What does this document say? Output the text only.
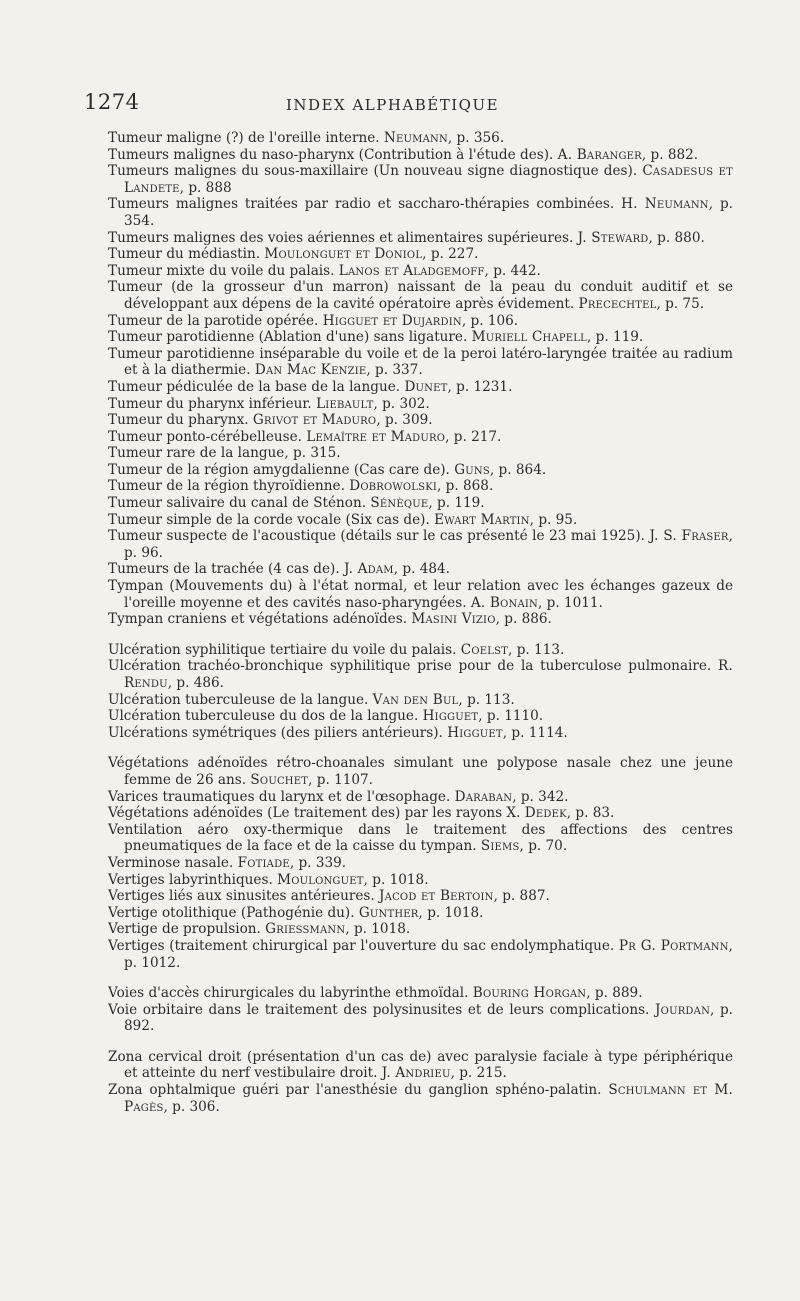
1274	INDEX ALPHABÉTIQUE

Tumeur maligne (?) de l'oreille interne. Neumann, p. 356.

Tumeurs malignes du naso-pharynx (Contribution à l'étude des). A. Baranger, p. 882.

Tumeurs malignes du sous-maxillaire (Un nouveau signe diagnostique des). Casadesus et Landete, p. 888

Tumeurs malignes traitées par radio et saccharo-thérapies combinées. H. Neumann, p. 354.

Tumeurs malignes des voies aériennes et alimentaires supérieures. J. Steward, p. 880.

Tumeur du médiastin. Moulonguet et Doniol, p. 227.

Tumeur mixte du voile du palais. Lanos et Aladgemoff, p. 442.

Tumeur (de la grosseur d'un marron) naissant de la peau du conduit auditif et se développant aux dépens de la cavité opératoire après évidement. Precechtel, p. 75.

Tumeur de la parotide opérée. Higguet et Dujardin, p. 106.

Tumeur parotidienne (Ablation d'une) sans ligature. Muriell Chapell, p. 119.

Tumeur parotidienne inséparable du voile et de la peroi latéro-laryngée traitée au radium et à la diathermie. Dan Mac Kenzie, p. 337.

Tumeur pédiculée de la base de la langue. Dunet, p. 1231.

Tumeur du pharynx inférieur. Liebault, p. 302.

Tumeur du pharynx. Grivot et Maduro, p. 309.

Tumeur ponto-cérébelleuse. Lemaître et Maduro, p. 217.

Tumeur rare de la langue, p. 315.

Tumeur de la région amygdalienne (Cas care de). Guns, p. 864.

Tumeur de la région thyroïdienne. Dobrowolski, p. 868.

Tumeur salivaire du canal de Sténon. Sénèque, p. 119.

Tumeur simple de la corde vocale (Six cas de). Ewart Martin, p. 95.

Tumeur suspecte de l'acoustique (détails sur le cas présenté le 23 mai 1925). J. S. Fraser, p. 96.

Tumeurs de la trachée (4 cas de). J. Adam, p. 484.

Tympan (Mouvements du) à l'état normal, et leur relation avec les échanges gazeux de l'oreille moyenne et des cavités naso-pharyngées. A. Bonain, p. 1011.

Tympan craniens et végétations adénoïdes. Masini Vizio, p. 886.

Ulcération syphilitique tertiaire du voile du palais. Coelst, p. 113.

Ulcération trachéo-bronchique syphilitique prise pour de la tuberculose pulmonaire. R. Rendu, p. 486.

Ulcération tuberculeuse de la langue. Van den Bul, p. 113.

Ulcération tuberculeuse du dos de la langue. Higguet, p. 1110.

Ulcérations symétriques (des piliers antérieurs). Higguet, p. 1114.

Végétations adénoïdes rétro-choanales simulant une polypose nasale chez une jeune femme de 26 ans. Souchet, p. 1107.

Varices traumatiques du larynx et de l'œsophage. Daraban, p. 342.

Végétations adénoïdes (Le traitement des) par les rayons X. Dedek, p. 83.

Ventilation aéro oxy-thermique dans le traitement des affections des centres pneumatiques de la face et de la caisse du tympan. Siems, p. 70.

Verminose nasale. Fotiade, p. 339.

Vertiges labyrinthiques. Moulonguet, p. 1018.

Vertiges liés aux sinusites antérieures. Jacod et Bertoin, p. 887.

Vertige otolithique (Pathogénie du). Gunther, p. 1018.

Vertige de propulsion. Griessmann, p. 1018.

Vertiges (traitement chirurgical par l'ouverture du sac endolymphatique. Pr G. Portmann, p. 1012.

Voies d'accès chirurgicales du labyrinthe ethmoïdal. Bouring Horgan, p. 889.

Voie orbitaire dans le traitement des polysinusites et de leurs complications. Jourdan, p. 892.

Zona cervical droit (présentation d'un cas de) avec paralysie faciale à type périphérique et atteinte du nerf vestibulaire droit. J. Andrieu, p. 215.

Zona ophtalmique guéri par l'anesthésie du ganglion sphéno-palatin. Schulmann et M. Pagès, p. 306.
